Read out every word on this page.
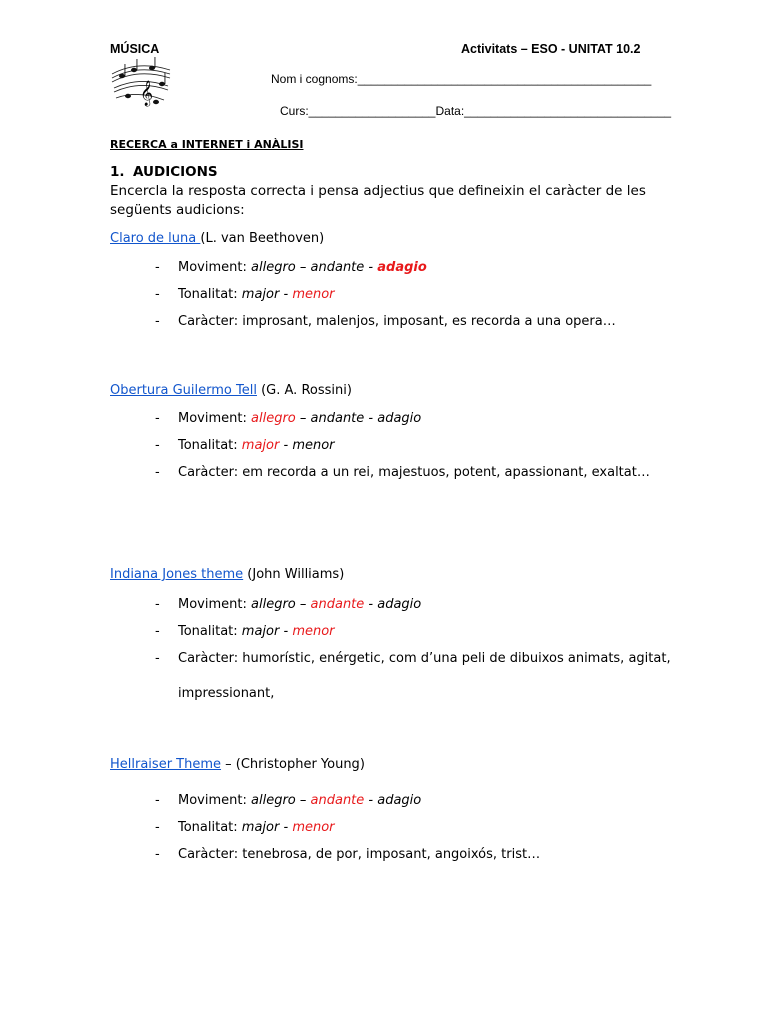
MÚSICA	Activitats – ESO - UNITAT 10.2
𝄞
Nom i cognoms:____________________________________________
Curs:___________________Data:_______________________________
RECERCA a INTERNET i ANÀLISI
1. AUDICIONS
Encercla la resposta correcta i pensa adjectius que defineixin el caràcter de les següents audicions:
Claro de luna (L. van Beethoven)
- Moviment: allegro – andante - adagio
- Tonalitat: major - menor
- Caràcter: improsant, malenjos, imposant, es recorda a una opera…
Obertura Guilermo Tell (G. A. Rossini)
- Moviment: allegro – andante - adagio
- Tonalitat: major - menor
- Caràcter: em recorda a un rei, majestuos, potent, apassionant, exaltat…
Indiana Jones theme (John Williams)
- Moviment: allegro – andante - adagio
- Tonalitat: major - menor
- Caràcter: humorístic, enérgetic, com d’una peli de dibuixos animats, agitat,
impressionant,
Hellraiser Theme – (Christopher Young)
- Moviment: allegro – andante - adagio
- Tonalitat: major - menor
- Caràcter: tenebrosa, de por, imposant, angoixós, trist…
